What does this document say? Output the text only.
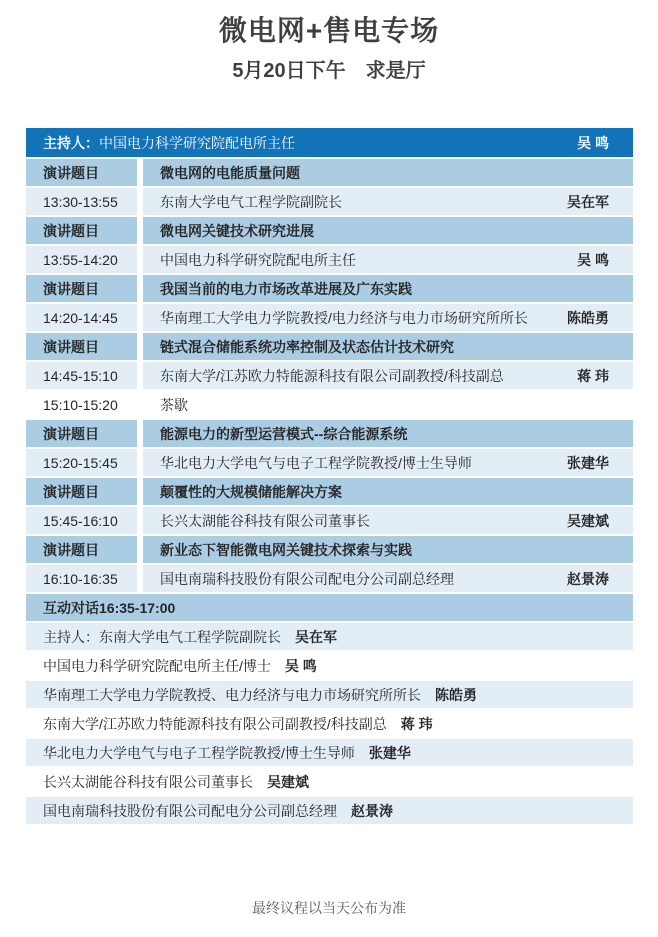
微电网+售电专场
5月20日下午　求是厅
主持人：中国电力科学研究院配电所主任	吴 鸣
演讲题目	微电网的电能质量问题
13:30-13:55	东南大学电气工程学院副院长	吴在军
演讲题目	微电网关键技术研究进展
13:55-14:20	中国电力科学研究院配电所主任	吴 鸣
演讲题目	我国当前的电力市场改革进展及广东实践
14:20-14:45	华南理工大学电力学院教授/电力经济与电力市场研究所所长	陈皓勇
演讲题目	链式混合储能系统功率控制及状态估计技术研究
14:45-15:10	东南大学/江苏欧力特能源科技有限公司副教授/科技副总	蒋 玮
15:10-15:20	茶歇
演讲题目	能源电力的新型运营模式--综合能源系统
15:20-15:45	华北电力大学电气与电子工程学院教授/博士生导师	张建华
演讲题目	颠覆性的大规模储能解决方案
15:45-16:10	长兴太湖能谷科技有限公司董事长	吴建斌
演讲题目	新业态下智能微电网关键技术探索与实践
16:10-16:35	国电南瑞科技股份有限公司配电分公司副总经理	赵景涛
互动对话16:35-17:00
主持人：东南大学电气工程学院副院长 吴在军
中国电力科学研究院配电所主任/博士 吴 鸣
华南理工大学电力学院教授、电力经济与电力市场研究所所长 陈皓勇
东南大学/江苏欧力特能源科技有限公司副教授/科技副总 蒋 玮
华北电力大学电气与电子工程学院教授/博士生导师 张建华
长兴太湖能谷科技有限公司董事长 吴建斌
国电南瑞科技股份有限公司配电分公司副总经理 赵景涛
最终议程以当天公布为准
